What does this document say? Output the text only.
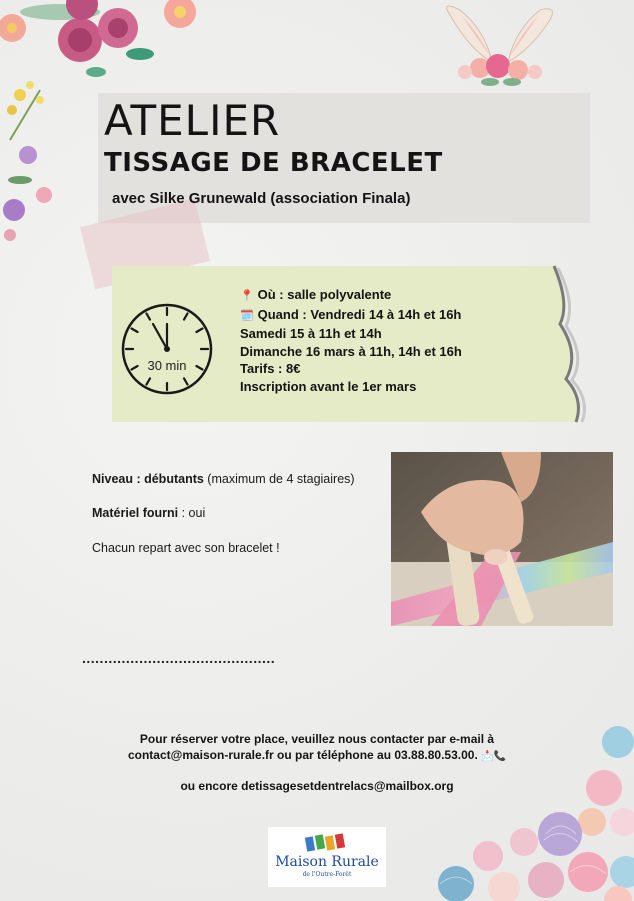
ATELIER
TISSAGE DE BRACELET

avec Silke Grunewald (association Finala)

30 min
📍 Où : salle polyvalente
🗓️ Quand : Vendredi 14 à 14h et 16h
Samedi 15 à 11h et 14h
Dimanche 16 mars à 11h, 14h et 16h
Tarifs : 8€
Inscription avant le 1er mars
Niveau : débutants (maximum de 4 stagiaires)
Matériel fourni : oui
Chacun repart avec son bracelet !
............................................
Pour réserver votre place, veuillez nous contacter par e-mail à
contact@maison-rurale.fr ou par téléphone au 03.88.80.53.00. 📩📞
ou encore detissagesetdentrelacs@mailbox.org
Maison Rurale
de l'Outre-Forêt
